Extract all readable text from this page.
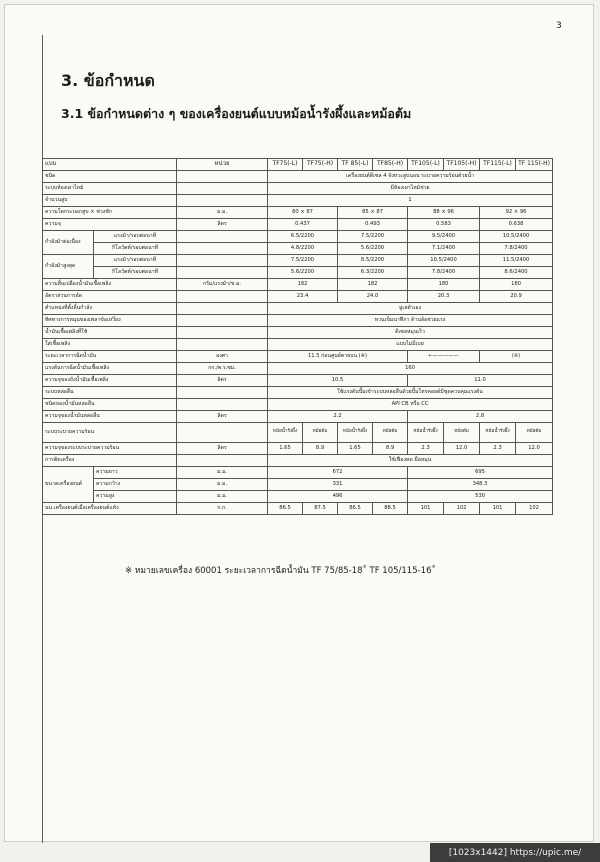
3
3. ข้อกำหนด
3.1 ข้อกำหนดต่าง ๆ ของเครื่องยนต์แบบหม้อน้ำรังผึ้งและหม้อต้ม
แบบ		หน่วย	TF75(-L)	TF75(-H)	TF 85(-L)	TF85(-H)	TF105(-L)	TF105(-H)	TF115(-L)	TF 115(-H)
ชนิด			เครื่องยนต์ดีเซล 4 จังหวะสูบนอน ระบายความร้อนด้วยน้ำ							
ระบบห้องเผาไหม้			มีห้องเผาไหม้ช่วย							
จำนวนสูบ			1							
ความโตกระบอกสูบ × ช่วงชัก		ม.ม.	80 × 87		85 × 87		88 × 96		92 × 96	
ความจุ		ลิตร	0.437		0.493		0.583		0.638	
กำลังม้าต่อเนื่อง	แรงม้า/รอบต่อนาที		6.5/2200		7.5/2200		9.5/2400		10.5/2400	
	กิโลวัตต์/รอบต่อนาที		4.8/2200		5.6/2200		7.1/2400		7.8/2400	
กำลังม้าสูงสุด	แรงม้า/รอบต่อนาที		7.5/2200		8.5/2200		10.5/2400		11.5/2400	
	กิโลวัตต์/รอบต่อนาที		5.6/2200		6.3/2200		7.8/2400		8.6/2400	
ความสิ้นเปลืองน้ำมันเชื้อเพลิง		กรัม/แรงม้า/ช.ม.	182		182		180		180	
อัตราส่วนการอัด			23.4		24.0		20.3		20.9	
ตำแหน่งที่ตั้งลิ้นกำลัง			มู่เล่ตัวเอง							
ทิศทางการหมุนของเพลาข้อเหวี่ยง			ทวนเข็มนาฬิกา ด้านล้อช่วยแรง							
น้ำมันเชื้อเพลิงที่ใช้			ดีเซลหมุนเร็ว							
ใส่เชื้อเพลิง			แบบไม่มีเบย							
ระยะเวลาการฉีดน้ำมัน		องศา	11.5 ก่อนศูนย์ตายบน (※)				←—————		(※)	
แรงดันการฉีดน้ำมันเชื้อเพลิง		กก./ต.ร.ซม.	160							
ความจุของถังน้ำมันเชื้อเพลิง		ลิตร	10.5				11.0			
ระบบหล่อลื่น			ใช้แรงดันปั๊มเข้าระบบหล่อลื่นด้วยปั๊มโทรคอยด์มีชุดควบคุมแรงดัน							
ชนิดของน้ำมันหล่อลื่น			API CB หรือ CC							
ความจุของน้ำมันหล่อลื่น		ลิตร	2.2				2.8			
ระบบระบายความร้อน			หม้อน้ำรังผึ้ง	หม้อต้ม	หม้อน้ำรังผึ้ง	หม้อต้ม	หม้อน้ำรังผึ้ง	หม้อต้ม	หม้อน้ำรังผึ้ง	หม้อต้ม
ความจุของระบบระบายความร้อน		ลิตร	1.65	8.9	1.65	8.9	2.3	12.0	2.3	12.0
การติดเครื่อง			ใช้เฟืองทด มือหมุน							
ขนาดเครื่องยนต์	ความยาว	ม.ม.	672				695			
	ความกว้าง	ม.ม.	331				348.3			
	ความสูง	ม.ม.	496				530			
นน.เครื่องยนต์เมื่อเครื่องยนต์แห้ง		ก.ก.	86.5	87.5	86.5	88.5	101	102	101	102
※ หมายเลขเครื่อง 60001 ระยะเวลาการฉีดน้ำมัน TF 75/85-18˚ TF 105/115-16˚
[1023x1442] https://upic.me/
